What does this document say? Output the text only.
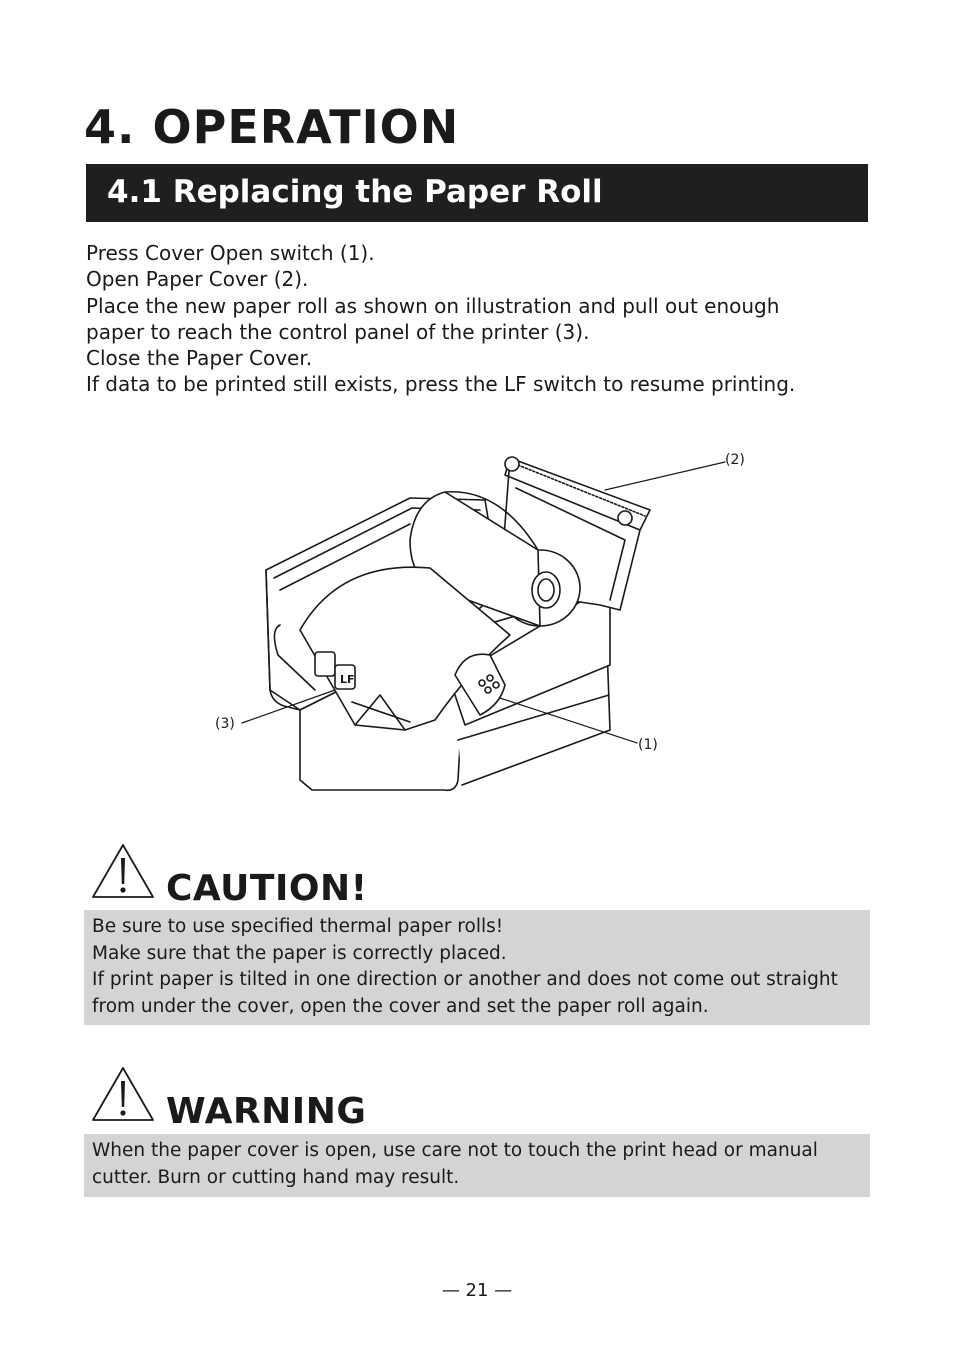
4. OPERATION
4.1 Replacing the Paper Roll
Press Cover Open switch (1).
Open Paper Cover (2).
Place the new paper roll as shown on illustration and pull out enough
paper to reach the control panel of the printer (3).
Close the Paper Cover.
If data to be printed still exists, press the LF switch to resume printing.
LF
(2)
(3)
(1)
CAUTION!
Be sure to use specified thermal paper rolls!
Make sure that the paper is correctly placed.
If print paper is tilted in one direction or another and does not come out straight
from under the cover, open the cover and set the paper roll again.
WARNING
When the paper cover is open, use care not to touch the print head or manual
cutter. Burn or cutting hand may result.
— 21 —
